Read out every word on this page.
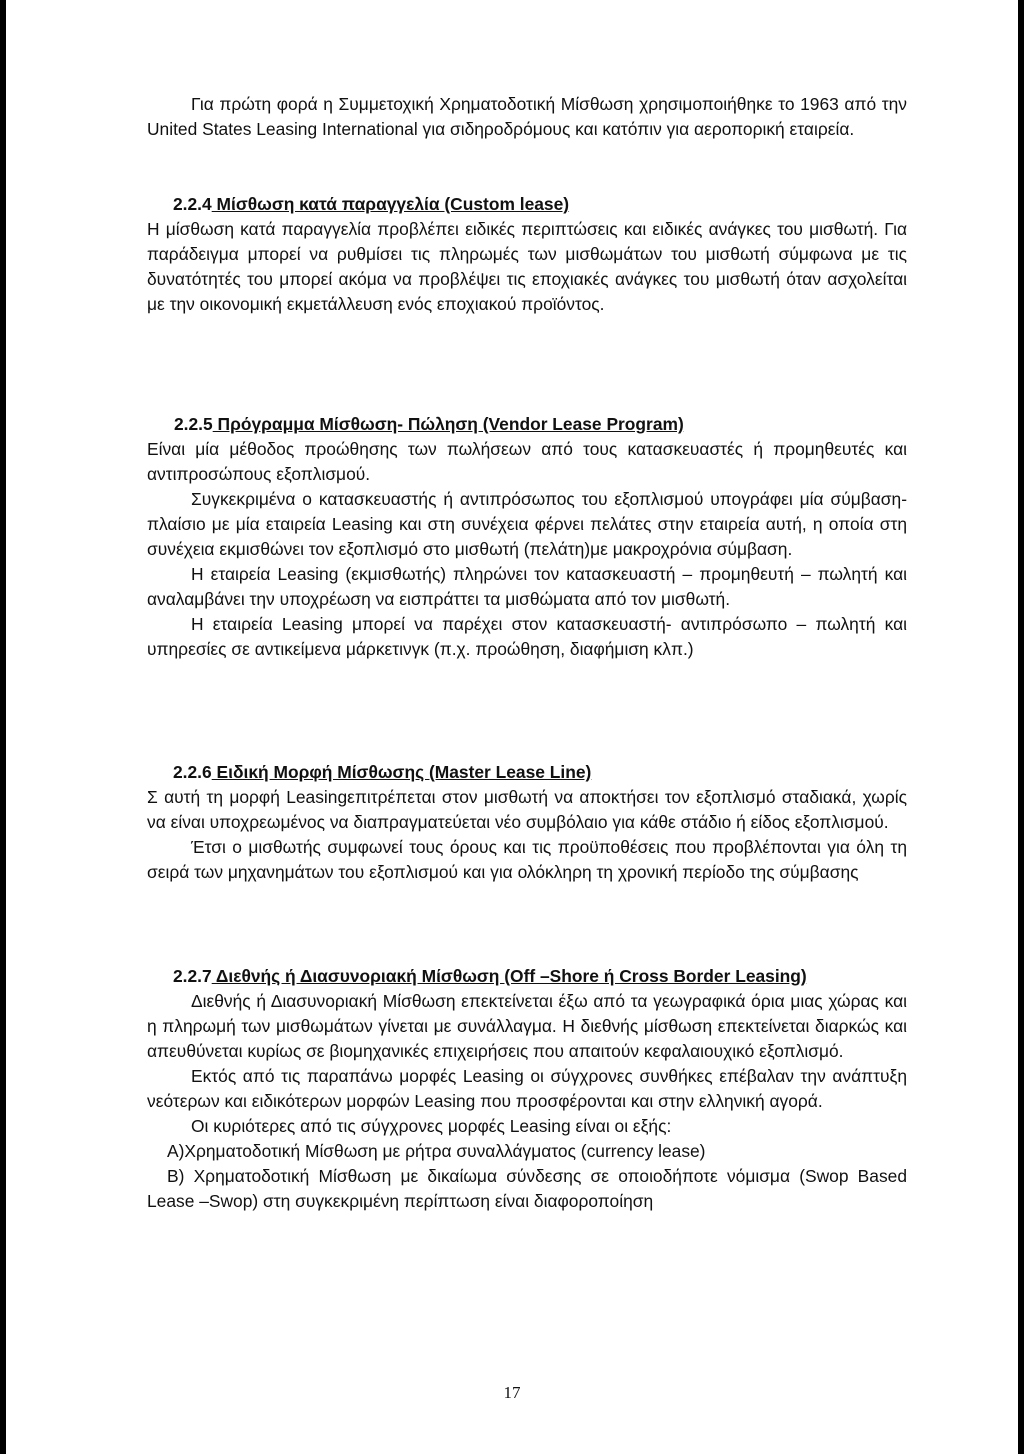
Για πρώτη φορά η Συμμετοχική Χρηματοδοτική Μίσθωση χρησιμοποιήθηκε το 1963 από την United States Leasing International για σιδηροδρόμους και κατόπιν για αεροπορική εταιρεία.

2.2.4 Μίσθωση κατά παραγγελία (Custom lease)

Η μίσθωση κατά παραγγελία προβλέπει ειδικές περιπτώσεις και ειδικές ανάγκες του μισθωτή. Για παράδειγμα μπορεί να ρυθμίσει τις πληρωμές των μισθωμάτων του μισθωτή σύμφωνα με τις δυνατότητές του μπορεί ακόμα να προβλέψει τις εποχιακές ανάγκες του μισθωτή όταν ασχολείται με την οικονομική εκμετάλλευση ενός εποχιακού προϊόντος.

2.2.5 Πρόγραμμα Μίσθωση- Πώληση (Vendor Lease Program)

Είναι μία μέθοδος προώθησης των πωλήσεων από τους κατασκευαστές ή προμηθευτές και αντιπροσώπους εξοπλισμού.

Συγκεκριμένα ο κατασκευαστής ή αντιπρόσωπος του εξοπλισμού υπογράφει μία σύμβαση- πλαίσιο με μία εταιρεία Leasing και στη συνέχεια φέρνει πελάτες στην εταιρεία αυτή, η οποία στη συνέχεια εκμισθώνει τον εξοπλισμό στο μισθωτή (πελάτη)με μακροχρόνια σύμβαση.

Η εταιρεία Leasing (εκμισθωτής) πληρώνει τον κατασκευαστή – προμηθευτή – πωλητή και αναλαμβάνει την υποχρέωση να εισπράττει τα μισθώματα από τον μισθωτή.

Η εταιρεία Leasing μπορεί να παρέχει στον κατασκευαστή- αντιπρόσωπο – πωλητή και υπηρεσίες σε αντικείμενα μάρκετινγκ (π.χ. προώθηση, διαφήμιση κλπ.)

2.2.6 Ειδική Μορφή Μίσθωσης (Master Lease Line)

Σ αυτή τη μορφή Leasingεπιτρέπεται στον μισθωτή να αποκτήσει τον εξοπλισμό σταδιακά, χωρίς να είναι υποχρεωμένος να διαπραγματεύεται νέο συμβόλαιο για κάθε στάδιο ή είδος εξοπλισμού.

Έτσι ο μισθωτής συμφωνεί τους όρους και τις προϋποθέσεις που προβλέπονται για όλη τη σειρά των μηχανημάτων του εξοπλισμού και για ολόκληρη τη χρονική περίοδο της σύμβασης

2.2.7 Διεθνής ή Διασυνοριακή Μίσθωση (Off –Shore ή Cross Border Leasing)

Διεθνής ή Διασυνοριακή Μίσθωση επεκτείνεται έξω από τα γεωγραφικά όρια μιας χώρας και η πληρωμή των μισθωμάτων γίνεται με συνάλλαγμα. Η διεθνής μίσθωση επεκτείνεται διαρκώς και απευθύνεται κυρίως σε βιομηχανικές επιχειρήσεις που απαιτούν κεφαλαιουχικό εξοπλισμό.

Εκτός από τις παραπάνω μορφές Leasing οι σύγχρονες συνθήκες επέβαλαν την ανάπτυξη νεότερων και ειδικότερων μορφών Leasing που προσφέρονται και στην ελληνική αγορά.

Οι κυριότερες από τις σύγχρονες μορφές Leasing είναι οι εξής:

Α)Χρηματοδοτική Μίσθωση με ρήτρα συναλλάγματος (currency lease)

Β) Χρηματοδοτική Μίσθωση με δικαίωμα σύνδεσης σε οποιοδήποτε νόμισμα (Swop Based Lease –Swop) στη συγκεκριμένη περίπτωση είναι διαφοροποίηση

17
